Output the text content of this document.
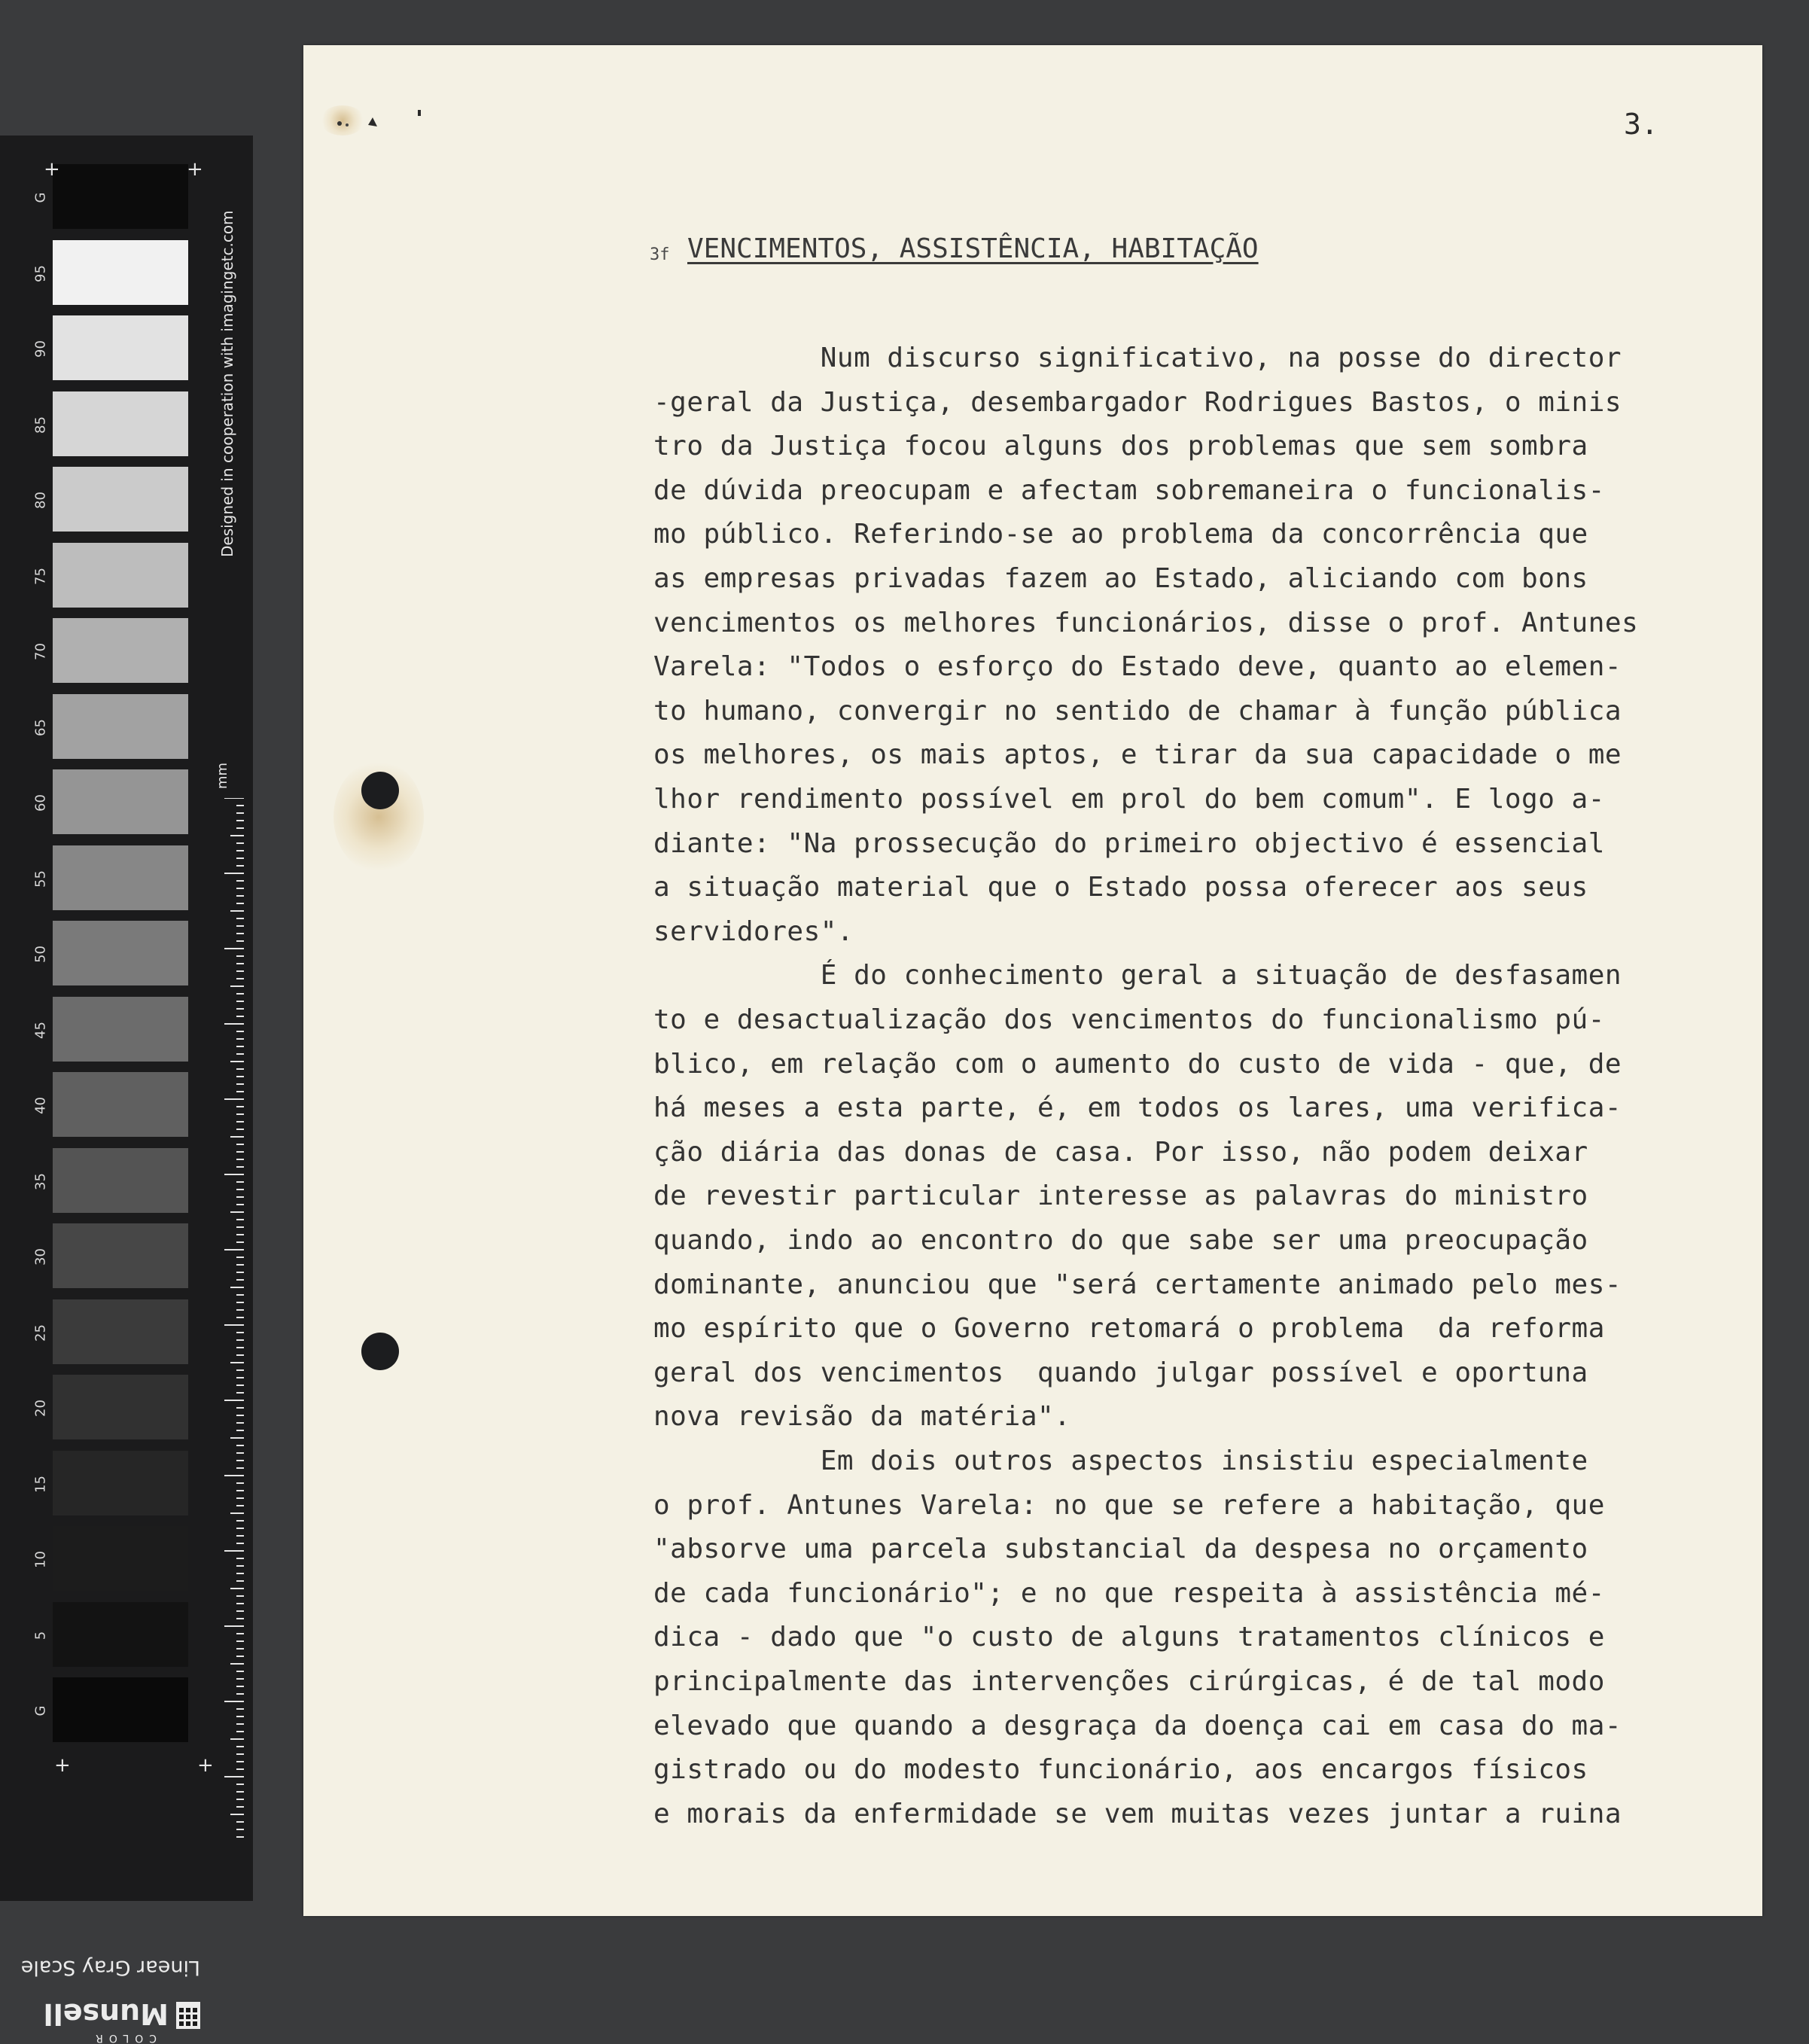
G
95
90
85
80
75
70
65
60
55
50
45
40
35
30
25
20
15
10
5
G
+	+
+	+
Designed in cooperation with imagingetc.com
mm
Linear Gray Scale
Munsell
COLOR
3.
3f VENCIMENTOS, ASSISTÊNCIA, HABITAÇÃO
Num discurso significativo, na posse do director
-geral da Justiça, desembargador Rodrigues Bastos, o minis
tro da Justiça focou alguns dos problemas que sem sombra
de dúvida preocupam e afectam sobremaneira o funcionalis-
mo público. Referindo-se ao problema da concorrência que
as empresas privadas fazem ao Estado, aliciando com bons
vencimentos os melhores funcionários, disse o prof. Antunes
Varela: "Todos o esforço do Estado deve, quanto ao elemen-
to humano, convergir no sentido de chamar à função pública
os melhores, os mais aptos, e tirar da sua capacidade o me
lhor rendimento possível em prol do bem comum". E logo a-
diante: "Na prossecução do primeiro objectivo é essencial
a situação material que o Estado possa oferecer aos seus
servidores".
É do conhecimento geral a situação de desfasamen
to e desactualização dos vencimentos do funcionalismo pú-
blico, em relação com o aumento do custo de vida - que, de
há meses a esta parte, é, em todos os lares, uma verifica-
ção diária das donas de casa. Por isso, não podem deixar
de revestir particular interesse as palavras do ministro
quando, indo ao encontro do que sabe ser uma preocupação
dominante, anunciou que "será certamente animado pelo mes-
mo espírito que o Governo retomará o problema  da reforma
geral dos vencimentos  quando julgar possível e oportuna
nova revisão da matéria".
Em dois outros aspectos insistiu especialmente
o prof. Antunes Varela: no que se refere a habitação, que
"absorve uma parcela substancial da despesa no orçamento
de cada funcionário"; e no que respeita à assistência mé-
dica - dado que "o custo de alguns tratamentos clínicos e
principalmente das intervenções cirúrgicas, é de tal modo
elevado que quando a desgraça da doença cai em casa do ma-
gistrado ou do modesto funcionário, aos encargos físicos
e morais da enfermidade se vem muitas vezes juntar a ruina
